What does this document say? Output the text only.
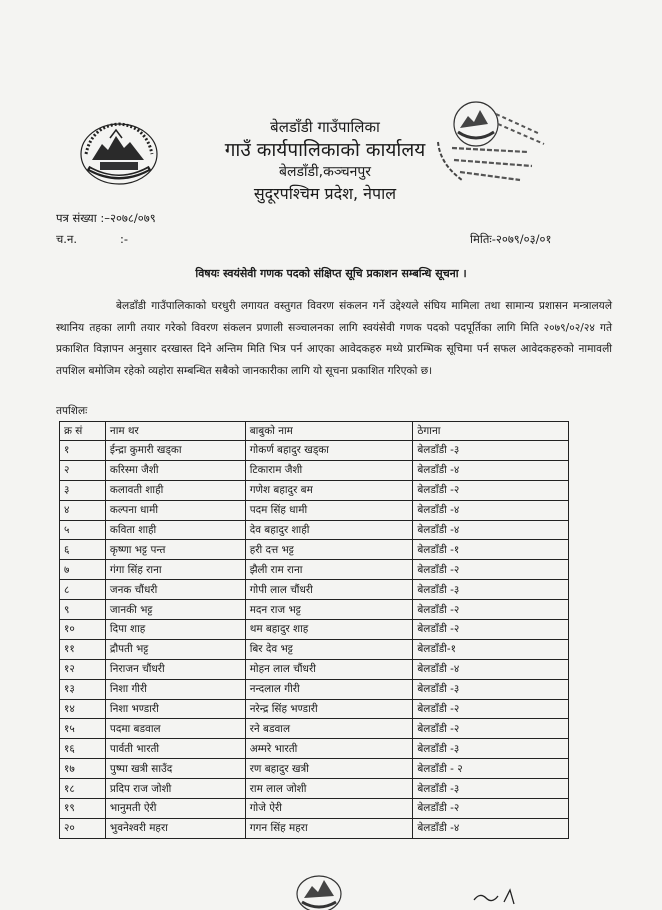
बेलडाँडी गाउँपालिका
गाउँ कार्यपालिकाको कार्यालय
बेलडाँडी,कञ्चनपुर
सुदूरपश्चिम प्रदेश, नेपाल
पत्र संख्या :–२०७८/०७९
च.न.	:-	मितिः-२०७९/०३/०१
विषयः स्वयंसेवी गणक पदको संक्षिप्त सूचि प्रकाशन सम्बन्धि सूचना ।
बेलडाँडी गाउँपालिकाको घरधुरी लगायत वस्तुगत विवरण संकलन गर्ने उद्देश्यले संघिय मामिला तथा सामान्य प्रशासन मन्त्रालयले स्थानिय तहका लागी तयार गरेको विवरण संकलन प्रणाली सञ्चालनका लागि स्वयंसेवी गणक पदको पदपूर्तिका लागि मिति २०७९/०२/२४ गते प्रकाशित विज्ञापन अनुसार दरखास्त दिने अन्तिम मिति भित्र पर्न आएका आवेदकहरु मध्ये प्रारम्भिक सूचिमा पर्न सफल आवेदकहरुको नामावली तपशिल बमोजिम रहेको व्यहोरा सम्बन्धित सबैको जानकारीका लागि यो सूचना प्रकाशित गरिएको छ।
तपशिलः
क्र सं	नाम थर	बाबुको नाम	ठेगाना
१	ईन्द्रा कुमारी खड्का	गोकर्ण बहादुर खड्का	बेलडाँडी -३
२	करिस्मा जैशी	टिकाराम जैशी	बेलडाँडी -४
३	कलावती शाही	गणेश बहादुर बम	बेलडाँडी -२
४	कल्पना धामी	पदम सिंह धामी	बेलडाँडी -४
५	कविता शाही	देव बहादुर शाही	बेलडाँडी -४
६	कृष्णा भट्ट पन्त	हरी दत्त भट्ट	बेलडाँडी -१
७	गंगा सिंह राना	झैली राम राना	बेलडाँडी -२
८	जनक चौंधरी	गोपी लाल चौंधरी	बेलडाँडी -३
९	जानकी भट्ट	मदन राज भट्ट	बेलडाँडी -२
१०	दिपा शाह	थम बहादुर शाह	बेलडाँडी -२
११	द्रौपती भट्ट	बिर देव भट्ट	बेलडाँडी-१
१२	निराजन चौंधरी	मोहन लाल चौंधरी	बेलडाँडी -४
१३	निशा गीरी	नन्दलाल गीरी	बेलडाँडी -३
१४	निशा भण्डारी	नरेन्द्र सिंह भण्डारी	बेलडाँडी -२
१५	पदमा बडवाल	रने बडवाल	बेलडाँडी -२
१६	पार्वती भारती	अम्मरे भारती	बेलडाँडी -३
१७	पुष्पा खत्री साउँद	रण बहादुर खत्री	बेलडाँडी - २
१८	प्रदिप राज जोशी	राम लाल जोशी	बेलडाँडी -३
१९	भानुमती ऐरी	गोजे ऐरी	बेलडाँडी -२
२०	भुवनेश्वरी महरा	गगन सिंह महरा	बेलडाँडी -४
